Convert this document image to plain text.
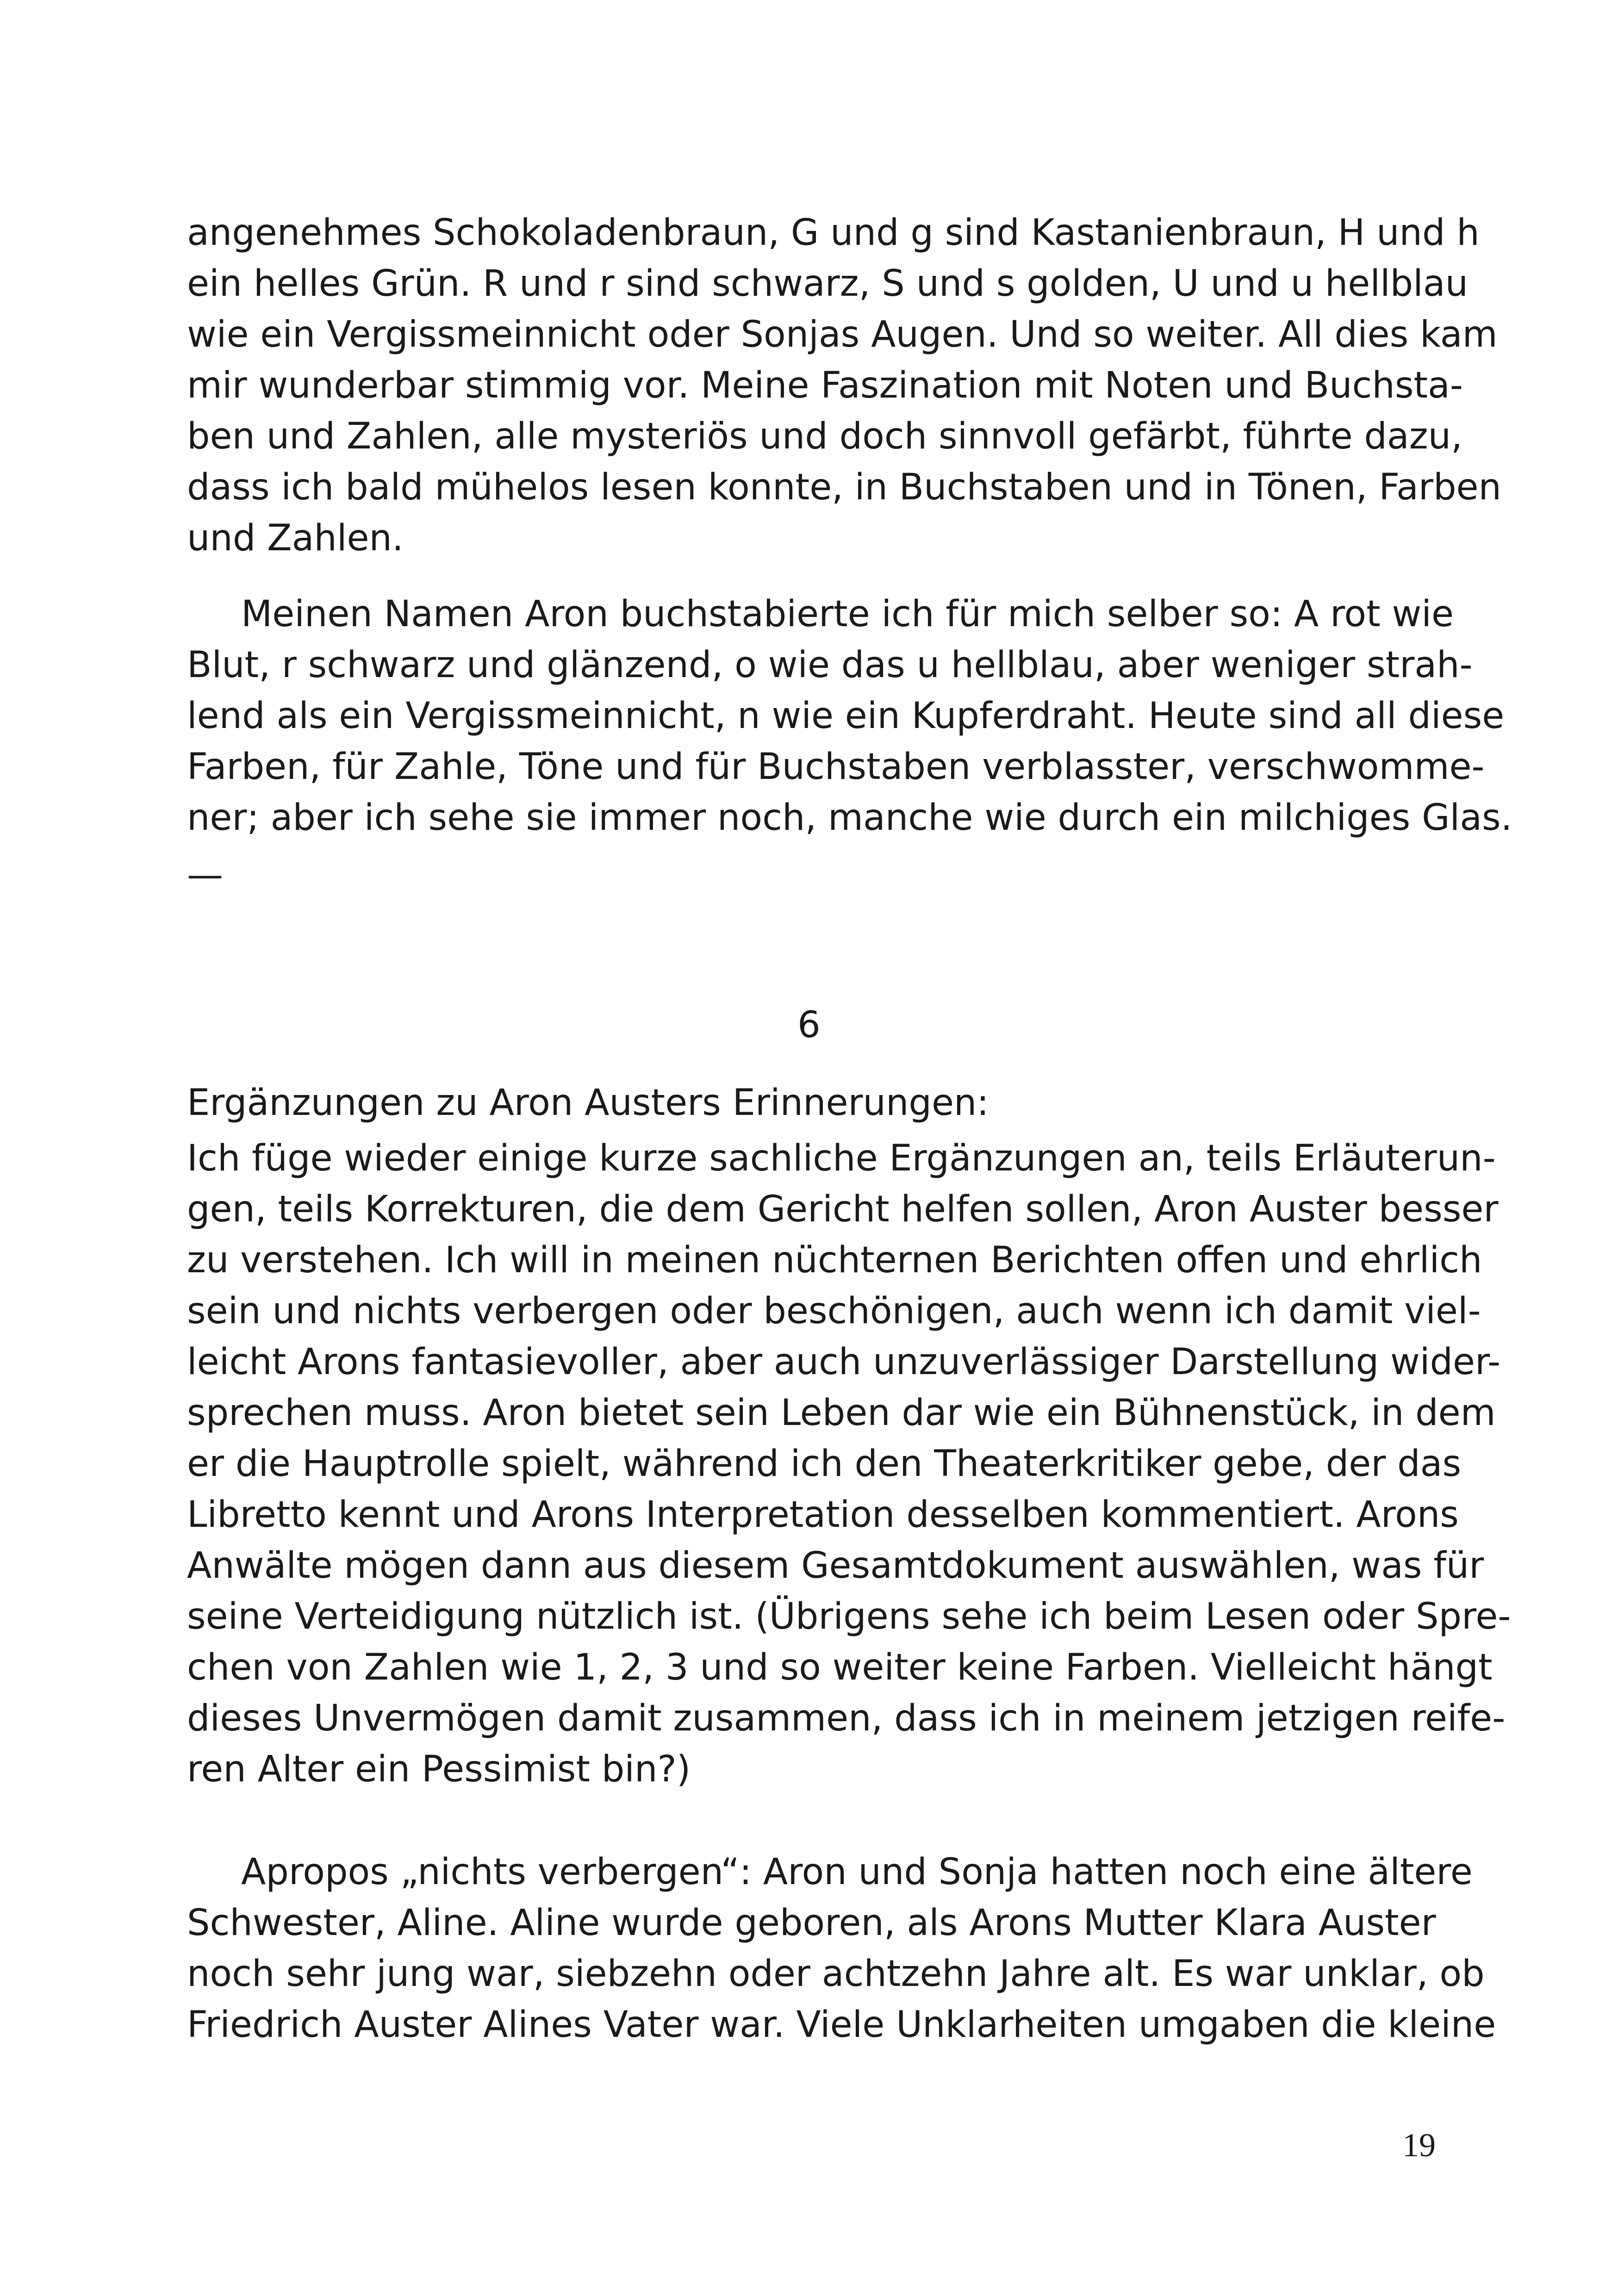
angenehmes Schokoladenbraun, G und g sind Kastanienbraun, H und h
ein helles Grün. R und r sind schwarz, S und s golden, U und u hellblau
wie ein Vergissmeinnicht oder Sonjas Augen. Und so weiter. All dies kam
mir wunderbar stimmig vor. Meine Faszination mit Noten und Buchsta-
ben und Zahlen, alle mysteriös und doch sinnvoll gefärbt, führte dazu,
dass ich bald mühelos lesen konnte, in Buchstaben und in Tönen, Farben
und Zahlen.
Meinen Namen Aron buchstabierte ich für mich selber so: A rot wie
Blut, r schwarz und glänzend, o wie das u hellblau, aber weniger strah-
lend als ein Vergissmeinnicht, n wie ein Kupferdraht. Heute sind all diese
Farben, für Zahle, Töne und für Buchstaben verblasster, verschwomme-
ner; aber ich sehe sie immer noch, manche wie durch ein milchiges Glas.
—
6
Ergänzungen zu Aron Austers Erinnerungen:
Ich füge wieder einige kurze sachliche Ergänzungen an, teils Erläuterun-
gen, teils Korrekturen, die dem Gericht helfen sollen, Aron Auster besser
zu verstehen. Ich will in meinen nüchternen Berichten offen und ehrlich
sein und nichts verbergen oder beschönigen, auch wenn ich damit viel-
leicht Arons fantasievoller, aber auch unzuverlässiger Darstellung wider-
sprechen muss. Aron bietet sein Leben dar wie ein Bühnenstück, in dem
er die Hauptrolle spielt, während ich den Theaterkritiker gebe, der das
Libretto kennt und Arons Interpretation desselben kommentiert. Arons
Anwälte mögen dann aus diesem Gesamtdokument auswählen, was für
seine Verteidigung nützlich ist. (Übrigens sehe ich beim Lesen oder Spre-
chen von Zahlen wie 1, 2, 3 und so weiter keine Farben. Vielleicht hängt
dieses Unvermögen damit zusammen, dass ich in meinem jetzigen reife-
ren Alter ein Pessimist bin?)
Apropos „nichts verbergen“: Aron und Sonja hatten noch eine ältere
Schwester, Aline. Aline wurde geboren, als Arons Mutter Klara Auster
noch sehr jung war, siebzehn oder achtzehn Jahre alt. Es war unklar, ob
Friedrich Auster Alines Vater war. Viele Unklarheiten umgaben die kleine
19
